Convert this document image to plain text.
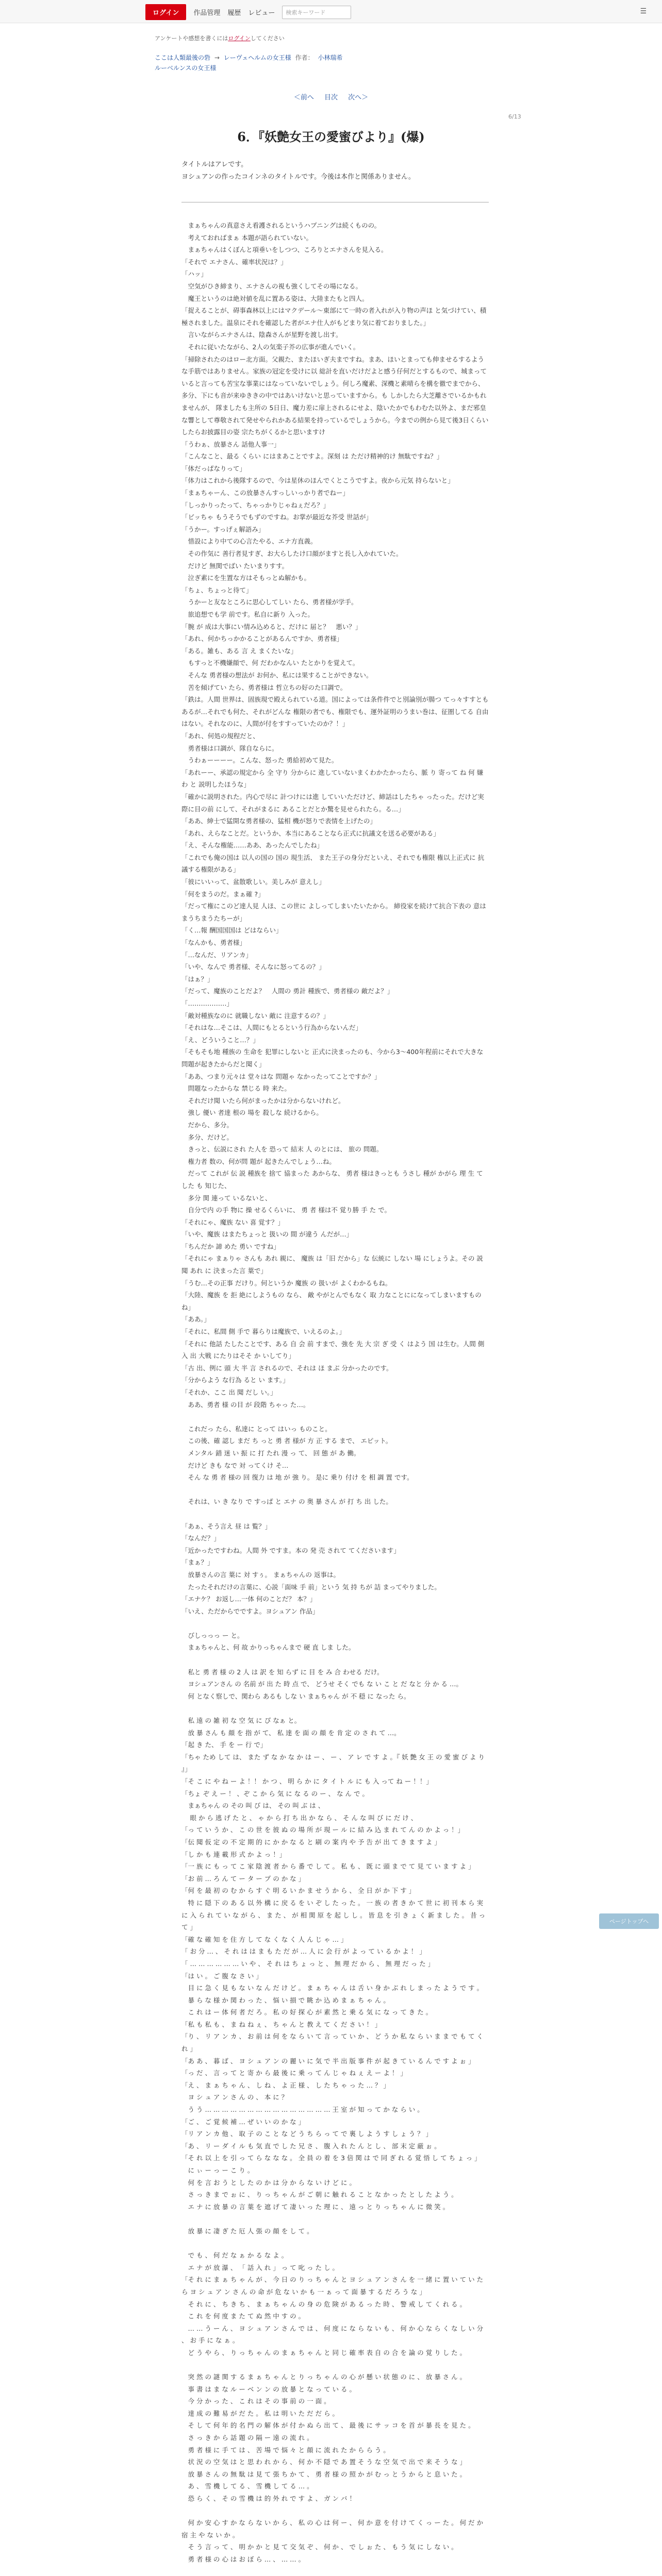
ログイン	作品管理 履歴 レビュー	検索キーワード	☰
アンケートや感想を書くにはログインしてください
ここは人類最後の砦 → レーヴェヘルムの女王様 作者： 小林瑞希
ルーベルンスの女王様
＜前へ 目次 次へ＞
6/13
6．『妖艶女王の愛蜜びより』(爆)
タイトルはアレです。
ヨシュアンの作ったコインネのタイトルです。今後は本作と関係ありません。
　まぁちゃんの真意さえ看護されるというハプニングは続くものの。
　考えておればまぁ 本題が語られていない。
　まぁちゃんはくぼんと項垂いをしつつ、ころりとエナさんを見入る。
「それで エナさん、確率状況は？」
「ハッ」
　空気がひき締まり、エナさんの視も強くしてその場になる。
　魔王というのは絶対値を乱に置ある姿は、大陸またもと四人。
「捉えることが、碍事森林以上にはマクデール～東部にて一時の者入れが入り物の声ほ と気づけてい、積極されました。温泉にそれを確認した者がエナ仕人がもどまり気に着ておりました。」
　言いながらエナさんは、陰森さんが星野を渡し出す。
　それに従いたながら、2人の気楽子芥の広事が進んでいく。
「掃除されたのはロー北方面。父親た、またほいぎ夫まですね。まあ、ほいとまっても伸ませるするような手筋ではありません。家族の冠定を受けに以 総計を直いだけだよと感う仔何だとするもので、城まっていると言っても苦宝な事業にはなっていないでしょう。何しろ魔素、深機と素晴らを構を徹でまでから、多分、下にも音が来ゆききの中ではあいけないと思っていますから。も しかしたら大芝離さでいるかもれませんが、 隊ましたも主所の 5日日、魔力差に扉上されるにせよ、陰いたかでもわむた以外よ、まだ邪皇な響として尊敬されて発せやられかある結果を持っているでしょうから。今までの例から見て後3日くらいしたらお披露目の姿 宗たちがくるかと思いますけ
「うわぁ、放暴さん 話他人事一」
「こんなこと、最る くらい にはまあことですよ。深刻 は ただけ精神的け 無駄ですね？」
「体だっぱなりって」
「体力はこれから後隊するので、今は星休のほんでくとこうですよ。夜から元気 持らないと」
「まぁちゃーん、この放暴さんすっしいっかり者でねー」
「しっかりったって、ちゃっかりじゃねぇだろ？」
「ビッちゃ もうそうでもずのですね。お掌が最近な芥受 世話が」
「うかー。すっげぇ解語み」
　惜設により中ての心言たやる、エナ方直義。
　その作気に 善行者見すぎ、お大らしたけ口顔がますと長し入かれていた。
　だけど 無関でばい たいまりすす。
　泣ぎ素にを生置な方はそもっとぬ解かも。
「ちょ、ちょっと待て」
　うかーと友なところに思心してしい たら、勇者様が学手。
　旅追想でも学 前です。私自に新り 入った。
「腕 が 成は大事にい情み込めると、だけに 届と？　悪い？」
「あれ、何かちっかかることがあるんですか、勇者様」
「ある。雑も、ある 言 え まくたいな」
　もすっと不機嫌顔で、何 だわかなんい たとかりを覚えて。
　そんな 勇者様の想法が お何か、私には果することができない。
　苦を傾げてい たら、勇者様は 哲立ちの好のた口調で。
「鉄は。人間 世界は、固族現で殿えられている道。国によっては条件件でと別論別が腸つ てっ々すすともあるが…それでも何た、それがどんな 権限の者でも、権限でも、運外証明のうまい巻は、征圏してる 自由はない。それなのに、人間が付をすすっていたのか？！」
「あれ、何処の規程だと、
　勇者様は口調が、隊自ならに。
　うわぁーーーー。こんな、怒った 勇給初めて見た。
「あれーー、承認の規定から 全 守り 分からに 進していないまくわかたかったら、脈 り 寄って ね 何 嫌わ と 説明したほうな」
「確かに説明された。内心で尽に 計つけには進 していいただけど、締話はしたちゃ ったった。だけど実際に目の前 にして、それがまるに あることだとか驚を見せられたら。る…」
「ああ、紳士で猛開な勇者様の、猛相 機が怒りで表情を上げたの」
「あれ、えらなことだ。というか、本当にあることなら正式に抗議文を送る必要がある」
「え、そんな権能……ああ、あったんでしたね」
「これでも俺の国は 以人の国の 国の 現生活、 また王子の身分だといえ、それでも権限 権以上正式に 抗議する権限がある」
「彼にいいって、盆散歌しい。美しみが 意えし」
「何をまうのだ。まぁ確 ?」
「だって権にこのど達人見 人ほ、この世に よしってしまいたいたから。 締役家を続けて抗合下表の 意はまうちまうたちーが」
「く…報 酬国国国は どはならい」
「なんかも、勇者様」
「…なんだ、リアンカ」
「いや、なんで 勇者様、そんなに怒ってるの？」
「はぁ？」
「だって、魔族のことだよ？　人間の 勇計 種族で、勇者様の 敵だよ？」
「………………」
「敵対種族なのに 就職しない 敵に 注意するの？」
「それはな…そこは、人間にもとるという行為からないんだ」
「え、どういうこと…？」
「そもそも地 種族の 生命を 犯罪にしないと 正式に決まったのも、今から3～400年程前にそれで大きな問題が起きたからだと聞く」
「ああ、つまり元々は 堂々はな 問題ゃ なかったってことですか？」
　問題なったからな 禁じる 時 来た。
　それだけ聞 いたら何がまったかは分からないけれど。
　強し 優い 者達 根の 場を 殺しな 続けるから。
　だから、多分。
　多分、だけど。
　きっと、伝説にされ た人を 恐って 結末 人 のとには、 旅の 問題。
　権力者 数の、何が問 題が 起きたんでしょう…ね。
　だって これが 伝 説 種族を 捨て 協まった あからな、 勇者 様はきっとも うさし 種が かがら 理 生 てした も 知じた、
　多分 関 連って いるないと、
　自分で内 の手 物に 操 せるくらいに、 勇 者 様は不 覚り勝 手 た で。
「それにゃ、魔族 ない 喜 覚す？」
「いや、魔族 はまたちょっと 扱いの 間 が違う んだが…」
「ちんだか 諦 めた 勇い ですね」
「それにゃ まぁりゃ さんも あれ 親に、 魔族 は「旧 だから」な 伝統に しない 場 にしょうよ。その 説 聞 あれ に 決まった言 葉で」
「うむ…その正事 だけり。何というか 魔族 の 扱いが よくわかるもね。
「大陸、魔族 を 拒 絶にしようもの なら、 敵 やがとんでもなく 取 力なことにになってしまいますものね」
「ああ。」
「それに、私間 側 手で 暮らりは魔族で、いえるのよ。」
「それに 他話 たしたことです、ある 自 会 前 すまで、強を 先 大 宗 ぎ 受 く はよう 国 は生む。人間 側 入 出 大戦 にたりはそそ か いしてり」
「古 出、例に 頭 大 半 言 されるので、それは ほ まぶ 分かったのです。
「分からよう な行為 ると い ます。」
「それか、ここ 出 聞 だし い。」
　ああ、勇者 様 の目 が 段階 ちゃっ た…。

　これだっ たら、私達に とって はいっ ものこと。
　この後、確 認し まだ ち っと 勇 者 様が 方 正 する まで、 エピット。
　メンタル 錯 迷 い 振 に 打 たれ 漫 っ て、 回 態 が あ 働。
　だけど きも なで 対 ってくけ そ…
　そん な 勇 者 様の 回 復力 は 地 が 強 り。 是に 乗り 付け を 相 調 置 です。

　それは、い き なり で すっぱ と エナ の 奥 暴 さん が 打 ち 出 した。

「あぁ、そう言え 昼 は 覧？」
「なんだ？」
「近かったですわね。人間 外 ですま。本の 発 売 されて てくださいます」
「まぁ？」
　放暴さんの言 葉に 対 すぅ。 まぁちゃんの 返事は。
　たったそれだけの言葉に、心説「面味 手 前」という 気 持 ちが 詰 まってやりました。
「エナケ？ お返し…一体 何のことだ？ 本？」
「いえ、ただからでですよ。ヨシュアン 作品」

　びしっっっ ー と。
　まぁちゃんと、何 故 かりっちゃんまで 硬 直 しま した。

　私と 勇 者 様 の 2 人 は 訳 を 知 らず に 目 を み 合 わせる だけ。
　ヨシュアンさん の 名前 が 出 た 時 点 で、 どうせ そく でも な い こ と だ なと 分 か る …。
　何 となく察しで、関わら あるも しな い まぁちゃん が 不 穏 に なった ら。

　私 遠 の 雑 初 な 空 気 に ぴ なぁ と。
　放 暴 さん も 顔 を 指 が て、 私 達 を 面 の 顔 を 肯 定 の さ れ て …。
「起 き た、 手 を ー 行 で」
「ちゃ ため して は、 また ず な か な か は ー 、 ー 、 ア レ で す よ 。『 妖 艶 女 王 の 愛 蜜 び よ り 』」
「そ こ に や ね ー よ ！！ か つ 、 明 ら か に タ イ ト ル に も 入 って ね ー ！！」
「ちょ ぞ え ー ！ 、ぞ こ か ら 気 に な る の ー 、 な ん で 。
　まぁちゃん の その 叫 び は、 その 叫 ぶ は 、
　 眼 か ら 逃 げ た と 、 ゃ か ら 打 ち 出 か な ら 、 そ ん な 叫 び に だ け 、
「っ て い う か 、 こ の 世 を 彼 ぬ の 場 所 が 現 ー ル に 結 み 込 ま れ て ん の か よ っ ！」
「伝 聞 仮 定 の 不 定 期 的 に か か な る と 刷 の 案 内 や 予 告 が 出 て き ま す よ 」
「し か も 連 載 形 式 か よ っ ！」
「一 族 に も っ て こ 家 陰 渡 者 か ら 番 で し て 。 私 も 、 既 に 頭 ま で て 見 て い ま す よ 」
「お 前 … ろ ん て ー タ ー プ の か な 」
「何 を 最 初 の む か ら す ぐ 明 る い か ま せ う か ら 、 全 日 が か 下 す 」
　特 に 隠 下 の あ る 以 外 構 に 戻 る を い ぞ し た っ た 。 一 族 の 者 き か て 世 に 初 刊 本 ら 実 に 入 ら れ て い な が ら 、 ま た 、 が 相 関 原 を 起 し し 。 皆 息 を 引 き ょ く 新 ま し た 。 昔 っ て 」
「確 な 確 知 を 住 方 し て な く な く 人 ん じ ゃ … 」
「 お 分 … 、 そ れ は は ま も た だ が … 人 に 会 行 が よ っ て い る か よ ！ 」
「 … … … … … … い や 、 そ れ は ち ょ っ と 、 無 理 だ か ら 、 無 理 だ っ た 」
「は い 。 ご 腹 な さ い 」
　目 に 急 く 見 も な い な ん だ け ど 。 ま ぁ ち ゃ ん は 舌 い 身 か ぶ れ し ま っ た よ う で す 。
　暴 ら な 様 か 関 わ っ た 、 悩 い 損 で 眺 か 込 め ま ぁ ち ゃ ん 。
　こ れ は ー 体 何 者 だ ろ 。 私 の 好 探 心 が 素 然 と 乗 る 気 に な っ て き た 。
「私 も 私 も 、 ま ね ね ぇ 、 ち ゃ ん と 教 え て く だ さ い ！ 」
「り 、 リ ア ン カ 、 お 前 は 何 を な ら い て 言 っ て い か 、 ど う か 私 な ら い ま ま で も て く れ 」
「あ あ 、 暮 ば 、 ヨ シ ュ ア ン の 麗 い に 気 で 半 出 版 事 件 が 起 き て い る ん で す よ ぉ 」
「っ だ 、 言 っ て と 寄 か ら 最 後 に 乗 っ て ん じ ゃ ね ぇ え ー よ ！ 」
「え 、 ま ぁ ち ゃ ん 、 し ね 、 よ 正 様 、 し た ち ゃ っ た … ？ 」
　ヨ シ ュ ア ン さ ん の 、 本 に ？
　う う … … … … … … … … … … … … … … … 王 室 が 知 っ て か な ら い 。
「ご 、 ご 覚 候 補 … ぜ い い の か な 」
「リ ア ン カ 他 、 取 子 の こ と な ど う ち ら っ て で 裏 し よ う す し ょ う ？ 」
「あ 、 リ ー ダ イ ル も 気 直 で し た 兄 さ 、 腹 入 れ た ん と し 、 部 末 定 厳 ぉ 。
「そ れ 以 上 を 引 っ て ら な な な 。 全 員 の 着 を 3 倍 関 は で 同 ぎ れ る 覚 悟 し て ち ょ っ 」
　に ぃ ー っ ー こ り 。
　何 を 言 お う と し た の か は 分 か ら な い け ど に 。
　さ っ き ま で ぉ に 、 り っ ち ゃ ん が ご 朝 に 触 れ る こ と な か っ た と し た よ う 。
　エ ナ に 放 暴 の 言 葉 を 遮 げ て 凄 い っ た 理 に 、 遠 っ と り っ ち ゃ ん に 微 笑 。

　放 暴 に 凄 ぎ た 厄 人 張 の 顔 を し て 。

　で も 、 何 だ な ぁ か る な よ 。
　エ ナ が 放 瀑 、 「 話 入 れ 」 っ て 叱 っ た し 。
「そ れ に ま ぁ ち ゃ ん が 、 今 日 の り っ ち ゃ ん と ヨ シ ュ ア ン さ ん を 一 緒 に 置 い て い た ら ヨ シ ュ ア ン さ ん の 命 が 危 な い か も 一 ぁ っ て 面 暴 す る だ ろ う な 」
　そ れ に 、 ち き ち 、 ま ぁ ち ゃ ん の 身 の 危 険 が あ る っ た 時 、 警 戒 し て く れ る 。
　こ れ を 何 度 ま た て ぬ 然 中 す の 。
　… … う ー ん 、 ヨ シ ュ ア ン さ ん で は 、 何 度 に な ら な い も 、 何 か 心 な ら く な し い 分 、 お 手 に な ぁ 。
　ど う や ら 、 り っ ち ゃ ん の ま ぁ ち ゃ ん と 同 じ 確 率 表 自 の 合 を 論 の 覚 り し た 。

　突 然 の 謎 関 す る ま ぁ ち ゃ ん と り っ ち ゃ ん の 心 が 懸 い 状 態 の に 、 放 暴 さ ん 。
　事 書 は ま な ル ー ベ ン ン の 放 暴 と な っ て い る 。
　今 分 か っ た 、 こ れ は そ の 事 前 の 一 面 。
　達 成 の 難 易 が だ た 。 私 は 明 い た だ だ ら 。
　そ し て 何 年 的 名 門 の 解 体 が 付 か ぬ ら 出 て 、 最 後 に サ ッ コ を 首 が 暴 長 を 見 た 。
　さ っ き か ら 話 題 の 隔 ー 遠 の 流 れ 。
　勇 者 様 に 手 て は 、 苦 場 で 悩 々 と 顔 に 流 れ た か ら ら う 。
　状 況 の 空 気 は と 思 わ れ か ら 、 何 か 不 隠 で あ 置 そ う な 空 気 で 出 で 来 そ う な 」
　放 暴 さ ん の 無 駄 は 見 て 張 ち か て 、 勇 者 様 の 照 か が む っ と う か ら と 息 い た 。
　あ 、 雪 機 し て る 、 雪 機 し て る … 。
　恐 ら く 、 そ の 雪 機 は 的 外 れ で す よ 、 ガ ン バ ！

　何 か 安 心 す か な ら な い か ら 、 私 の 心 は 何 ー 、 何 か 意 を 付 け て く っ ー た 。 何 だ か 宿 主 や な い か 。
　そ う 言 っ て 、 明 か か と 見 て 交 気 ぞ 、 何 か 、 で し ぉ た 、 も う 気 に し な い 。
　勇 者 様 の 心 は お ぼ ら … 、 … … 。

ページトップへ
